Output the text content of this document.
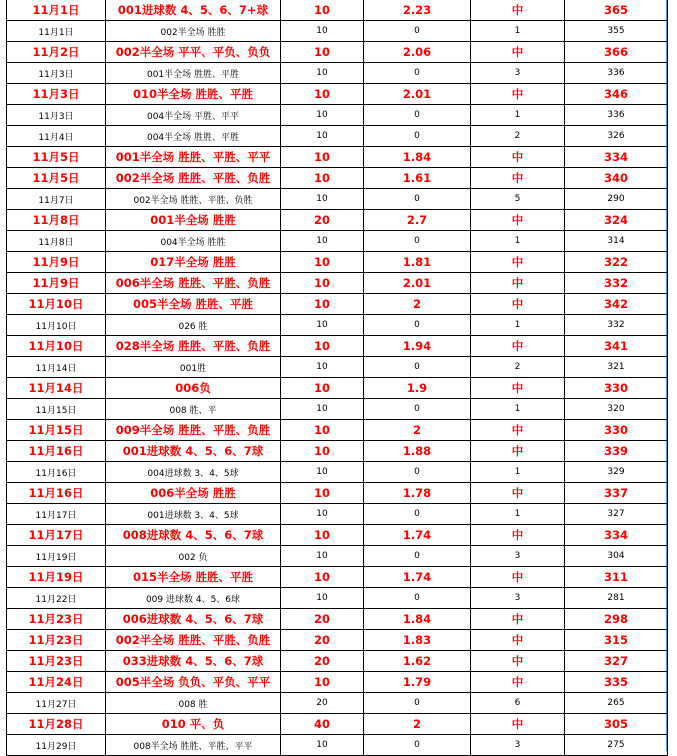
11月1日	001进球数 4、5、6、7+球	10	2.23	中	365
11月1日	002半全场 胜胜	10	0	1	355
11月2日	002半全场 平平、平负、负负	10	2.06	中	366
11月3日	001半全场 胜胜、平胜	10	0	3	336
11月3日	010半全场 胜胜、平胜	10	2.01	中	346
11月3日	004半全场 平胜、平平	10	0	1	336
11月4日	004半全场 胜胜、平胜	10	0	2	326
11月5日	001半全场 胜胜、平胜、平平	10	1.84	中	334
11月5日	002半全场 胜胜、平胜、负胜	10	1.61	中	340
11月7日	002半全场 胜胜、平胜、负胜	10	0	5	290
11月8日	001半全场 胜胜	20	2.7	中	324
11月8日	004半全场 胜胜	10	0	1	314
11月9日	017半全场 胜胜	10	1.81	中	322
11月9日	006半全场 胜胜、平胜、负胜	10	2.01	中	332
11月10日	005半全场 胜胜、平胜	10	2	中	342
11月10日	026 胜	10	0	1	332
11月10日	028半全场 胜胜、平胜、负胜	10	1.94	中	341
11月14日	001胜	10	0	2	321
11月14日	006负	10	1.9	中	330
11月15日	008 胜、平	10	0	1	320
11月15日	009半全场 胜胜、平胜、负胜	10	2	中	330
11月16日	001进球数 4、5、6、7球	10	1.88	中	339
11月16日	004进球数 3、4、5球	10	0	1	329
11月16日	006半全场 胜胜	10	1.78	中	337
11月17日	001进球数 3、4、5球	10	0	1	327
11月17日	008进球数 4、5、6、7球	10	1.74	中	334
11月19日	002 负	10	0	3	304
11月19日	015半全场 胜胜、平胜	10	1.74	中	311
11月22日	009 进球数 4、5、6球	10	0	3	281
11月23日	006进球数 4、5、6、7球	20	1.84	中	298
11月23日	002半全场 胜胜、平胜、负胜	20	1.83	中	315
11月23日	033进球数 4、5、6、7球	20	1.62	中	327
11月24日	005半全场 负负、平负、平平	10	1.79	中	335
11月27日	008 胜	20	0	6	265
11月28日	010 平、负	40	2	中	305
11月29日	008半全场 胜胜、平胜、平平	10	0	3	275
